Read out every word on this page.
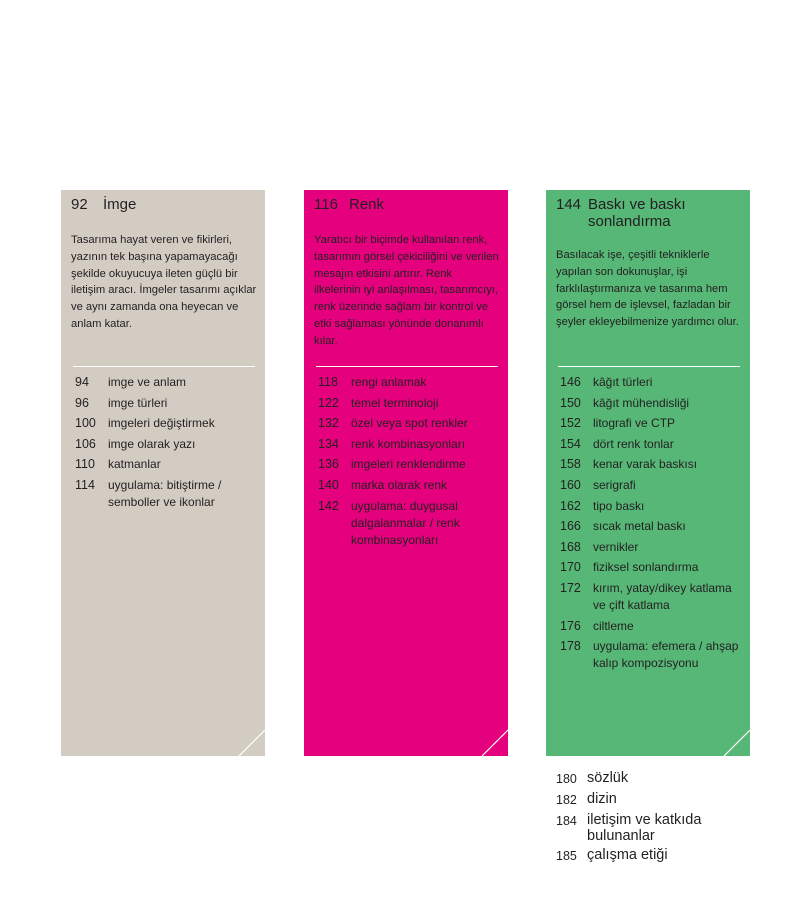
92	İmge
Tasarıma hayat veren ve fikirleri, yazının tek başına yapamayacağı şekilde okuyucuya ileten güçlü bir iletişim aracı. İmgeler tasarımı açıklar ve aynı zamanda ona heyecan ve anlam katar.
94	imge ve anlam
96	imge türleri
100	imgeleri değiştirmek
106	imge olarak yazı
110	katmanlar
114	uygulama: bitiştirme / semboller ve ikonlar
116 Renk
Yaratıcı bir biçimde kullanılan renk, tasarımın görsel çekiciliğini ve verilen mesajın etkisini artırır. Renk ilkelerinin iyi anlaşılması, tasarımcıyı, renk üzerinde sağlam bir kontrol ve etki sağlaması yönünde donanımlı kılar.
118	rengi anlamak
122	temel terminoloji
132	özel veya spot renkler
134	renk kombinasyonları
136	imgeleri renklendirme
140	marka olarak renk
142	uygulama: duygusal dalgalanmalar / renk kombinasyonları
144 Baskı ve baskı sonlandırma
Basılacak işe, çeşitli tekniklerle yapılan son dokunuşlar, işi farklılaştırmanıza ve tasarıma hem görsel hem de işlevsel, fazladan bir şeyler ekleyebilmenize yardımcı olur.
146	kâğıt türleri
150	kâğıt mühendisliği
152	litografi ve CTP
154	dört renk tonlar
158	kenar varak baskısı
160	serigrafi
162	tipo baskı
166	sıcak metal baskı
168	vernikler
170	fiziksel sonlandırma
172	kırım, yatay/dikey katlama ve çift katlama
176	ciltleme
178	uygulama: efemera / ahşap kalıp kompozisyonu
180 sözlük
182 dizin
184 iletişim ve katkıda bulunanlar
185 çalışma etiği
